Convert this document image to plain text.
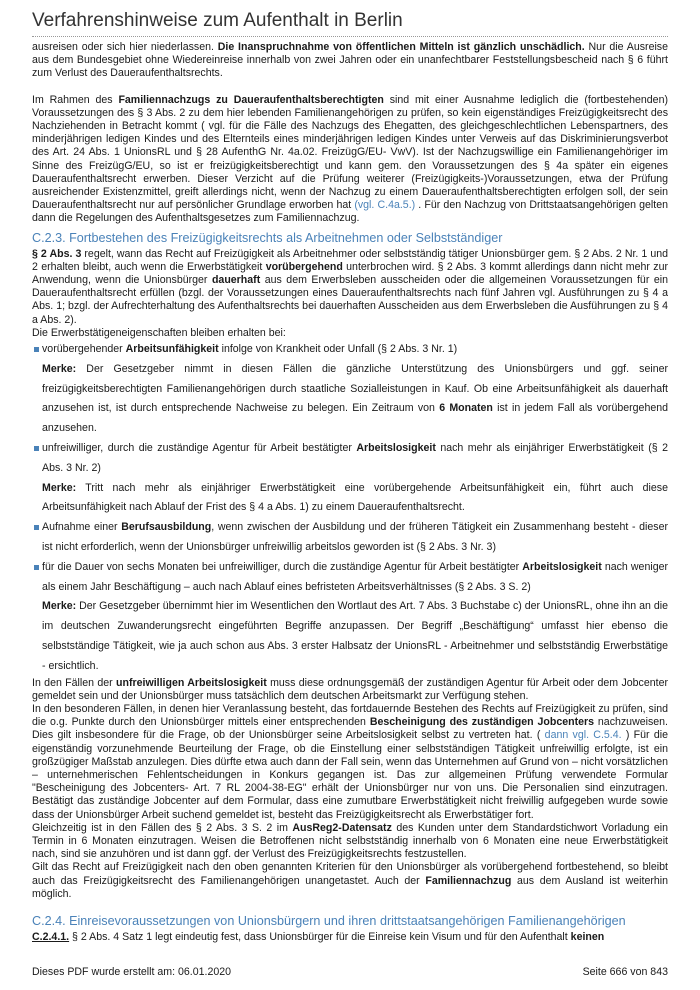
Verfahrenshinweise zum Aufenthalt in Berlin

ausreisen oder sich hier niederlassen. Die Inanspruchnahme von öffentlichen Mitteln ist gänzlich unschädlich. Nur die Ausreise aus dem Bundesgebiet ohne Wiedereinreise innerhalb von zwei Jahren oder ein unanfechtbarer Feststellungsbescheid nach § 6 führt zum Verlust des Daueraufenthaltsrechts.

Im Rahmen des Familiennachzugs zu Daueraufenthaltsberechtigten sind mit einer Ausnahme lediglich die (fortbestehenden) Voraussetzungen des § 3 Abs. 2 zu dem hier lebenden Familienangehörigen zu prüfen, so kein eigenständiges Freizügigkeitsrecht des Nachziehenden in Betracht kommt ( vgl. für die Fälle des Nachzugs des Ehegatten, des gleichgeschlechtlichen Lebenspartners, des minderjährigen ledigen Kindes und des Elternteils eines minderjährigen ledigen Kindes unter Verweis auf das Diskriminierungsverbot des Art. 24 Abs. 1 UnionsRL und § 28 AufenthG Nr. 4a.02. FreizügG/EU- VwV). Ist der Nachzugswillige ein Familienangehöriger im Sinne des FreizügG/EU, so ist er freizügigkeitsberechtigt und kann gem. den Voraussetzungen des § 4a später ein eigenes Daueraufenthaltsrecht erwerben. Dieser Verzicht auf die Prüfung weiterer (Freizügigkeits-)Voraussetzungen, etwa der Prüfung ausreichender Existenzmittel, greift allerdings nicht, wenn der Nachzug zu einem Daueraufenthaltsberechtigten erfolgen soll, der sein Daueraufenthaltsrecht nur auf persönlicher Grundlage erworben hat (vgl. C.4a.5.) . Für den Nachzug von Drittstaatsangehörigen gelten dann die Regelungen des Aufenthaltsgesetzes zum Familiennachzug.

C.2.3. Fortbestehen des Freizügigkeitsrechts als Arbeitnehmen oder Selbstständiger

§ 2 Abs. 3 regelt, wann das Recht auf Freizügigkeit als Arbeitnehmer oder selbstständig tätiger Unionsbürger gem. § 2 Abs. 2 Nr. 1 und 2 erhalten bleibt, auch wenn die Erwerbstätigkeit vorübergehend unterbrochen wird. § 2 Abs. 3 kommt allerdings dann nicht mehr zur Anwendung, wenn die Unionsbürger dauerhaft aus dem Erwerbsleben ausscheiden oder die allgemeinen Voraussetzungen für ein Daueraufenthaltsrecht erfüllen (bzgl. der Voraussetzungen eines Daueraufenthaltsrechts nach fünf Jahren vgl. Ausführungen zu § 4 a Abs. 1; bzgl. der Aufrechterhaltung des Aufenthaltsrechts bei dauerhaften Ausscheiden aus dem Erwerbsleben die Ausführungen zu § 4 a Abs. 2).

Die Erwerbstätigeneigenschaften bleiben erhalten bei:

vorübergehender Arbeitsunfähigkeit infolge von Krankheit oder Unfall (§ 2 Abs. 3 Nr. 1)
Merke: Der Gesetzgeber nimmt in diesen Fällen die gänzliche Unterstützung des Unionsbürgers und ggf. seiner freizügigkeitsberechtigten Familienangehörigen durch staatliche Sozialleistungen in Kauf. Ob eine Arbeitsunfähigkeit als dauerhaft anzusehen ist, ist durch entsprechende Nachweise zu belegen. Ein Zeitraum von 6 Monaten ist in jedem Fall als vorübergehend anzusehen.
unfreiwilliger, durch die zuständige Agentur für Arbeit bestätigter Arbeitslosigkeit nach mehr als einjähriger Erwerbstätigkeit (§ 2 Abs. 3 Nr. 2)
Merke: Tritt nach mehr als einjähriger Erwerbstätigkeit eine vorübergehende Arbeitsunfähigkeit ein, führt auch diese Arbeitsunfähigkeit nach Ablauf der Frist des § 4 a Abs. 1) zu einem Daueraufenthaltsrecht.
Aufnahme einer Berufsausbildung, wenn zwischen der Ausbildung und der früheren Tätigkeit ein Zusammenhang besteht - dieser ist nicht erforderlich, wenn der Unionsbürger unfreiwillig arbeitslos geworden ist (§ 2 Abs. 3 Nr. 3)
für die Dauer von sechs Monaten bei unfreiwilliger, durch die zuständige Agentur für Arbeit bestätigter Arbeitslosigkeit nach weniger als einem Jahr Beschäftigung – auch nach Ablauf eines befristeten Arbeitsverhältnisses (§ 2 Abs. 3 S. 2)
Merke: Der Gesetzgeber übernimmt hier im Wesentlichen den Wortlaut des Art. 7 Abs. 3 Buchstabe c) der UnionsRL, ohne ihn an die im deutschen Zuwanderungsrecht eingeführten Begriffe anzupassen. Der Begriff „Beschäftigung“ umfasst hier ebenso die selbstständige Tätigkeit, wie ja auch schon aus Abs. 3 erster Halbsatz der UnionsRL - Arbeitnehmer und selbstständig Erwerbstätige - ersichtlich.

In den Fällen der unfreiwilligen Arbeitslosigkeit muss diese ordnungsgemäß der zuständigen Agentur für Arbeit oder dem Jobcenter gemeldet sein und der Unionsbürger muss tatsächlich dem deutschen Arbeitsmarkt zur Verfügung stehen.

In den besonderen Fällen, in denen hier Veranlassung besteht, das fortdauernde Bestehen des Rechts auf Freizügigkeit zu prüfen, sind die o.g. Punkte durch den Unionsbürger mittels einer entsprechenden Bescheinigung des zuständigen Jobcenters nachzuweisen. Dies gilt insbesondere für die Frage, ob der Unionsbürger seine Arbeitslosigkeit selbst zu vertreten hat. ( dann vgl. C.5.4. ) Für die eigenständig vorzunehmende Beurteilung der Frage, ob die Einstellung einer selbstständigen Tätigkeit unfreiwillig erfolgte, ist ein großzügiger Maßstab anzulegen. Dies dürfte etwa auch dann der Fall sein, wenn das Unternehmen auf Grund von – nicht vorsätzlichen – unternehmerischen Fehlentscheidungen in Konkurs gegangen ist. Das zur allgemeinen Prüfung verwendete Formular "Bescheinigung des Jobcenters- Art. 7 RL 2004-38-EG" erhält der Unionsbürger nur von uns. Die Personalien sind einzutragen. Bestätigt das zuständige Jobcenter auf dem Formular, dass eine zumutbare Erwerbstätigkeit nicht freiwillig aufgegeben wurde sowie dass der Unionsbürger Arbeit suchend gemeldet ist, besteht das Freizügigkeitsrecht als Erwerbstätiger fort.

Gleichzeitig ist in den Fällen des § 2 Abs. 3 S. 2 im AusReg2-Datensatz des Kunden unter dem Standardstichwort Vorladung ein Termin in 6 Monaten einzutragen. Weisen die Betroffenen nicht selbstständig innerhalb von 6 Monaten eine neue Erwerbstätigkeit nach, sind sie anzuhören und ist dann ggf. der Verlust des Freizügigkeitsrechts festzustellen.

Gilt das Recht auf Freizügigkeit nach den oben genannten Kriterien für den Unionsbürger als vorübergehend fortbestehend, so bleibt auch das Freizügigkeitsrecht des Familienangehörigen unangetastet. Auch der Familiennachzug aus dem Ausland ist weiterhin möglich.

C.2.4. Einreisevoraussetzungen von Unionsbürgern und ihren drittstaatsangehörigen Familienangehörigen

C.2.4.1. § 2 Abs. 4 Satz 1 legt eindeutig fest, dass Unionsbürger für die Einreise kein Visum und für den Aufenthalt keinen

Dieses PDF wurde erstellt am: 06.01.2020	Seite 666 von 843
